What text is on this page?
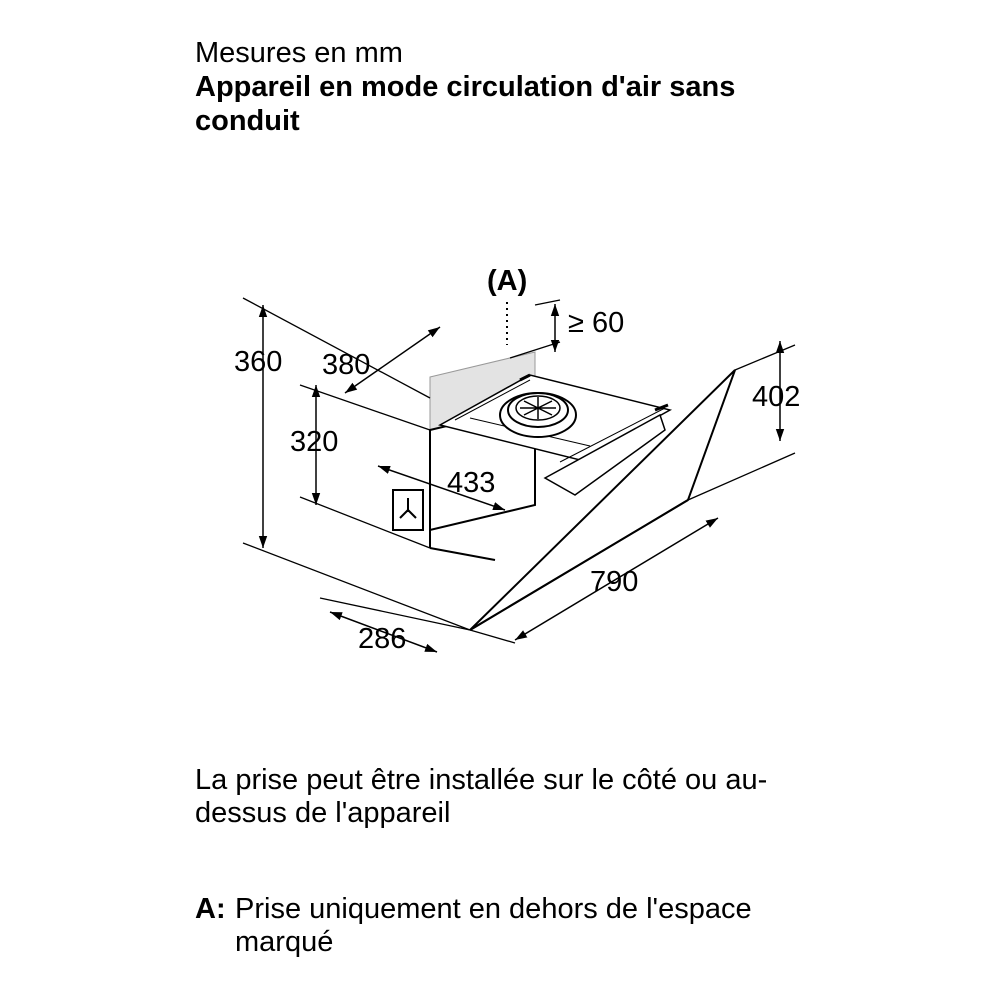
Mesures en mm
Appareil en mode circulation d'air sans conduit
(A)
360 380
320
≥ 60
402
433
790
286
La prise peut être installée sur le côté ou au-dessus de l'appareil
A: Prise uniquement en dehors de l'espace marqué
